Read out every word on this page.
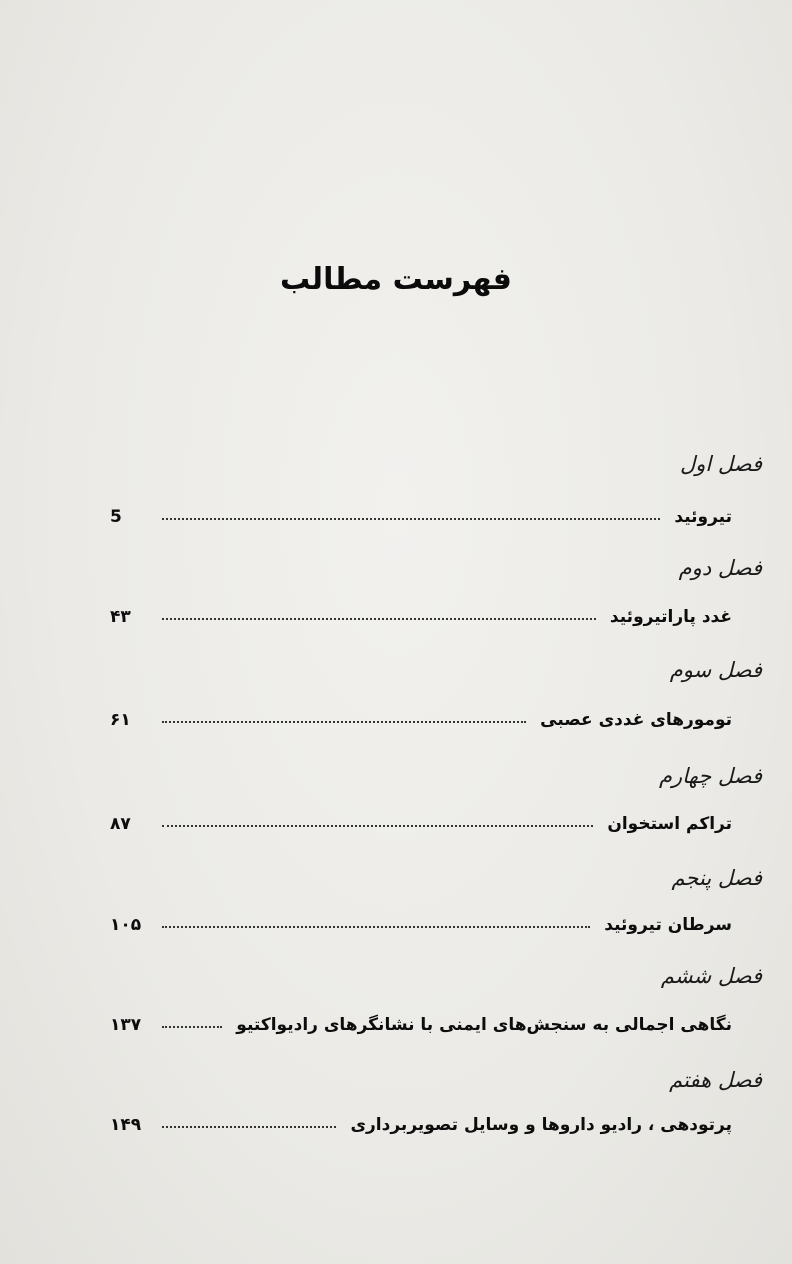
فهرست مطالب
فصل اول
تیروئید
5
فصل دوم
غدد پاراتیروئید
۴۳
فصل سوم
تومورهای غددی عصبی
۶۱
فصل چهارم
تراکم استخوان
۸۷
فصل پنجم
سرطان تیروئید
۱۰۵
فصل ششم
نگاهی اجمالی به سنجش‌های ایمنی با نشانگرهای رادیواکتیو
۱۳۷
فصل هفتم
پرتودهی ، رادیو داروها و وسایل تصویربرداری
۱۴۹
